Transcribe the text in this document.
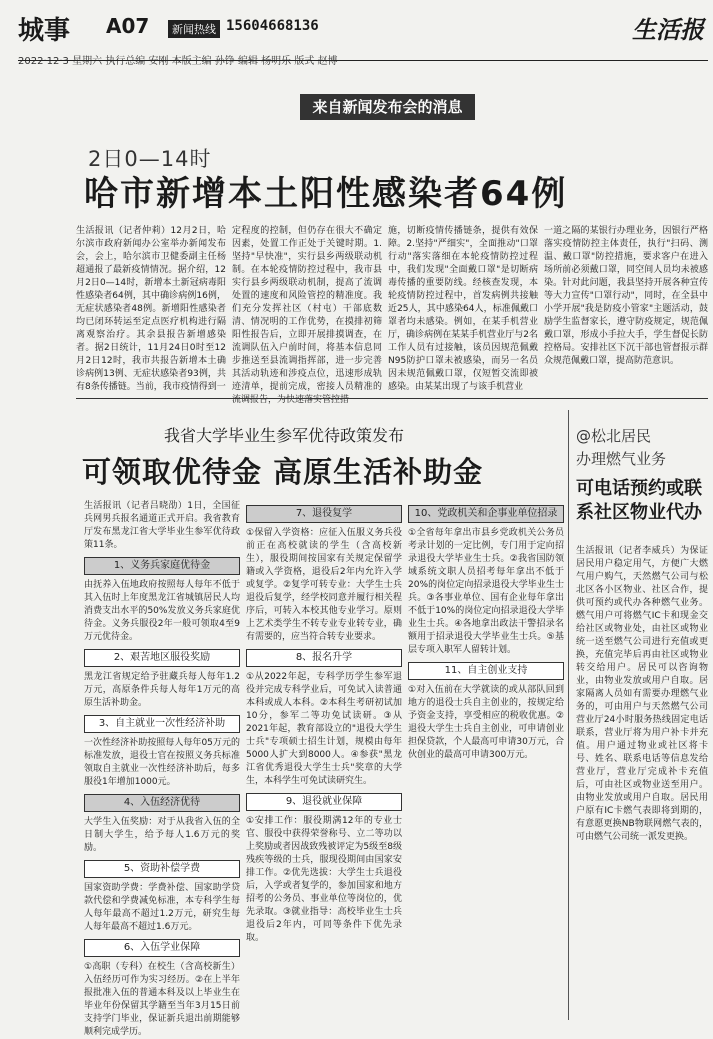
城事 A07	新闻热线 15604668136	生活报
2022·12·3 星期六 执行总编 安刚 本版主编 孙铮 编辑 杨明乐 版式 赵博
来自新闻发布会的消息
2日0—14时
哈市新增本土阳性感染者64例
生活报讯（记者仲莉）12月2日，哈尔滨市政府新闻办公室举办新闻发布会，会上，哈尔滨市卫健委副主任杨超通报了最新疫情情况。据介绍，12月2日0—14时，新增本土新冠病毒阳性感染者64例，其中确诊病例16例，无症状感染者48例。新增阳性感染者均已闭环转运至定点医疗机构进行隔离观察治疗。其余县报告新增感染者。据2日统计，11月24日0时至12月2日12时，我市共报告新增本土确诊病例13例、无症状感染者93例，共有8条传播链。当前，我市疫情得到一
定程度的控制，但仍存在很大不确定因素，处置工作正处于关键时期。1.坚持"早快准"，实行县乡两级联动机制。在本轮疫情防控过程中，我市县实行县乡两级联动机制，提高了流调处置的速度和风险管控的精准度。我们充分发挥社区（村屯）干部底数清、情况明的工作优势，在摸排初筛阳性报告后，立即开展排摸调查，在流调队伍入户前时间，将基本信息同步推送至县流调指挥部，进一步完善其活动轨迹和涉疫点位，迅速形成轨迹清单，提前完成，密接人员精准的流调报告，为快速落实管控措
施，切断疫情传播链条，提供有效保障。2.坚持"严细实"，全面推动"口罩行动"落实落细在本轮疫情防控过程中，我们发现"全面戴口罩"是切断病毒传播的重要防线。经核查发现，本轮疫情防控过程中，首发病例共接触近25人，其中感染64人，标准佩戴口罩者均未感染。例如，在某手机营业厅，确诊病例在某某手机营业厅与2名工作人员有过接触，该员因规范佩戴N95防护口罩未被感染，而另一名员因未规范佩戴口罩，仅短暂交流即被感染。由某某出现了与该手机营业
一道之隔的某银行办理业务，因银行严格落实疫情防控主体责任，执行"扫码、测温、戴口罩"防控措施，要求客户在进入场所前必须戴口罩，同空间人员均未被感染。针对此问题，我县坚持开展各种宣传等大力宣传"口罩行动"，同时，在全县中小学开展"我是防疫小管家"主题活动，鼓励学生监督家长，遵守防疫规定，规范佩戴口罩，形成小手拉大手，学生督促长防控格局。安排社区下沉干部也管督报示群众规范佩戴口罩，提高防范意识。
我省大学毕业生参军优待政策发布
可领取优待金 高原生活补助金
生活报讯（记者吕晓劭）1日，全国征兵网男兵报名通道正式开启。我省教育厅发布黑龙江省大学毕业生参军优待政策11条。
1、义务兵家庭优待金
由抚养入伍地政府按照每人每年不低于其入伍时上年度黑龙江省城镇居民人均消费支出水平的50%发放义务兵家庭优待金。义务兵服役2年一般可领取4至9万元优待金。
2、艰苦地区服役奖励
黑龙江省规定给予驻藏兵每人每年1.2万元，高原条件兵每人每年1万元的高原生活补助金。
3、自主就业一次性经济补助
一次性经济补助按照每人每年05万元的标准发放，退役士官在按照义务兵标准领取自主就业一次性经济补助后，每多服役1年增加1000元。
4、入伍经济优待
大学生入伍奖励：对于从我省入伍的全日制大学生，给予每人1.6万元的奖励。
5、资助补偿学费
国家资助学费：学费补偿、国家助学贷款代偿和学费减免标准，本专科学生每人每年最高不超过1.2万元，研究生每人每年最高不超过1.6万元。
6、入伍学业保障
①高职（专科）在校生（含高校新生）入伍经历可作为实习经历。②在上半年报批准入伍的普通本科及以上毕业生在毕业年份保留其学籍至当年3月15日前支持学门毕业，保证新兵退出前期能够顺利完成学历。
7、退役复学
①保留入学资格：应征入伍服义务兵役前正在高校就读的学生（含高校新生），服役期间按国家有关规定保留学籍或入学资格，退役后2年内允许入学或复学。②复学可转专业：大学生士兵退役后复学，经学校同意并履行相关程序后，可转入本校其他专业学习。原则上艺术类学生不转专业专业转专业，确有需要的，应当符合转专业要求。
8、报名升学
①从2022年起，专科学历学生参军退役并完成专科学业后，可免试入读普通本科或成人本科。②本科生考研初试加10分，参军二等功免试读研。③从2021年起，教育部设立的"退役大学生士兵"专项硕士招生计划，规模由每年5000人扩大到8000人。④参获"黑龙江省优秀退役大学生士兵"奖章的大学生，本科学生可免试读研究生。
9、退役就业保障
①安排工作：服役期满12年的专业士官、服役中获得荣誉称号、立二等功以上奖励或者因战致残被评定为5级至8级残疾等级的士兵，服现役期间由国家安排工作。②优先选拔：大学生士兵退役后，入学或者复学的，参加国家和地方招考的公务员、事业单位等岗位的，优先录取。③就业指导：高校毕业生士兵退役后2年内，可同等条件下优先录取。
10、党政机关和企事业单位招录
①全省每年拿出市县乡党政机关公务员考录计划的一定比例，专门用于定向招录退役大学毕业生士兵。②我省国防领域系统文职人员招考每年拿出不低于20%的岗位定向招录退役大学毕业生士兵。③各事业单位、国有企业每年拿出不低于10%的岗位定向招录退役大学毕业生士兵。④各地拿出政法干警招录名额用于招录退役大学毕业生士兵。⑤基层专项入职军人留转计划。
11、自主创业支持
①对入伍前在大学就读的或从部队回到地方的退役士兵自主创业的，按规定给予资金支持，享受相应的税收优惠。②退役大学生士兵自主创业，可申请创业担保贷款，个人最高可申请30万元，合伙创业的最高可申请300万元。
@松北居民
办理燃气业务
可电话预约或联系社区物业代办
生活报讯（记者李威兵）为保证居民用户稳定用气，方便广大燃气用户购气，天然燃气公司与松北区各小区物业、社区合作，提供可预约或代办各种燃气业务。燃气用户可将燃气IC卡和现金交给社区或物业处，由社区或物业统一送至燃气公司进行充值或更换，充值完毕后再由社区或物业转交给用户。居民可以咨询物业，由物业发放或用户自取。居家隔离人员如有需要办理燃气业务的，可由用户与天然燃气公司营业厅24小时服务热线固定电话联系，营业厅将为用户补卡并充值。用户通过物业或社区将卡号、姓名、联系电话等信息发给营业厅，营业厅完成补卡充值后，可由社区或物业送至用户。由物业发放或用户自取。居民用户原有IC卡燃气表即将到期的，有意愿更换NB物联网燃气表的，可由燃气公司统一派发更换。
